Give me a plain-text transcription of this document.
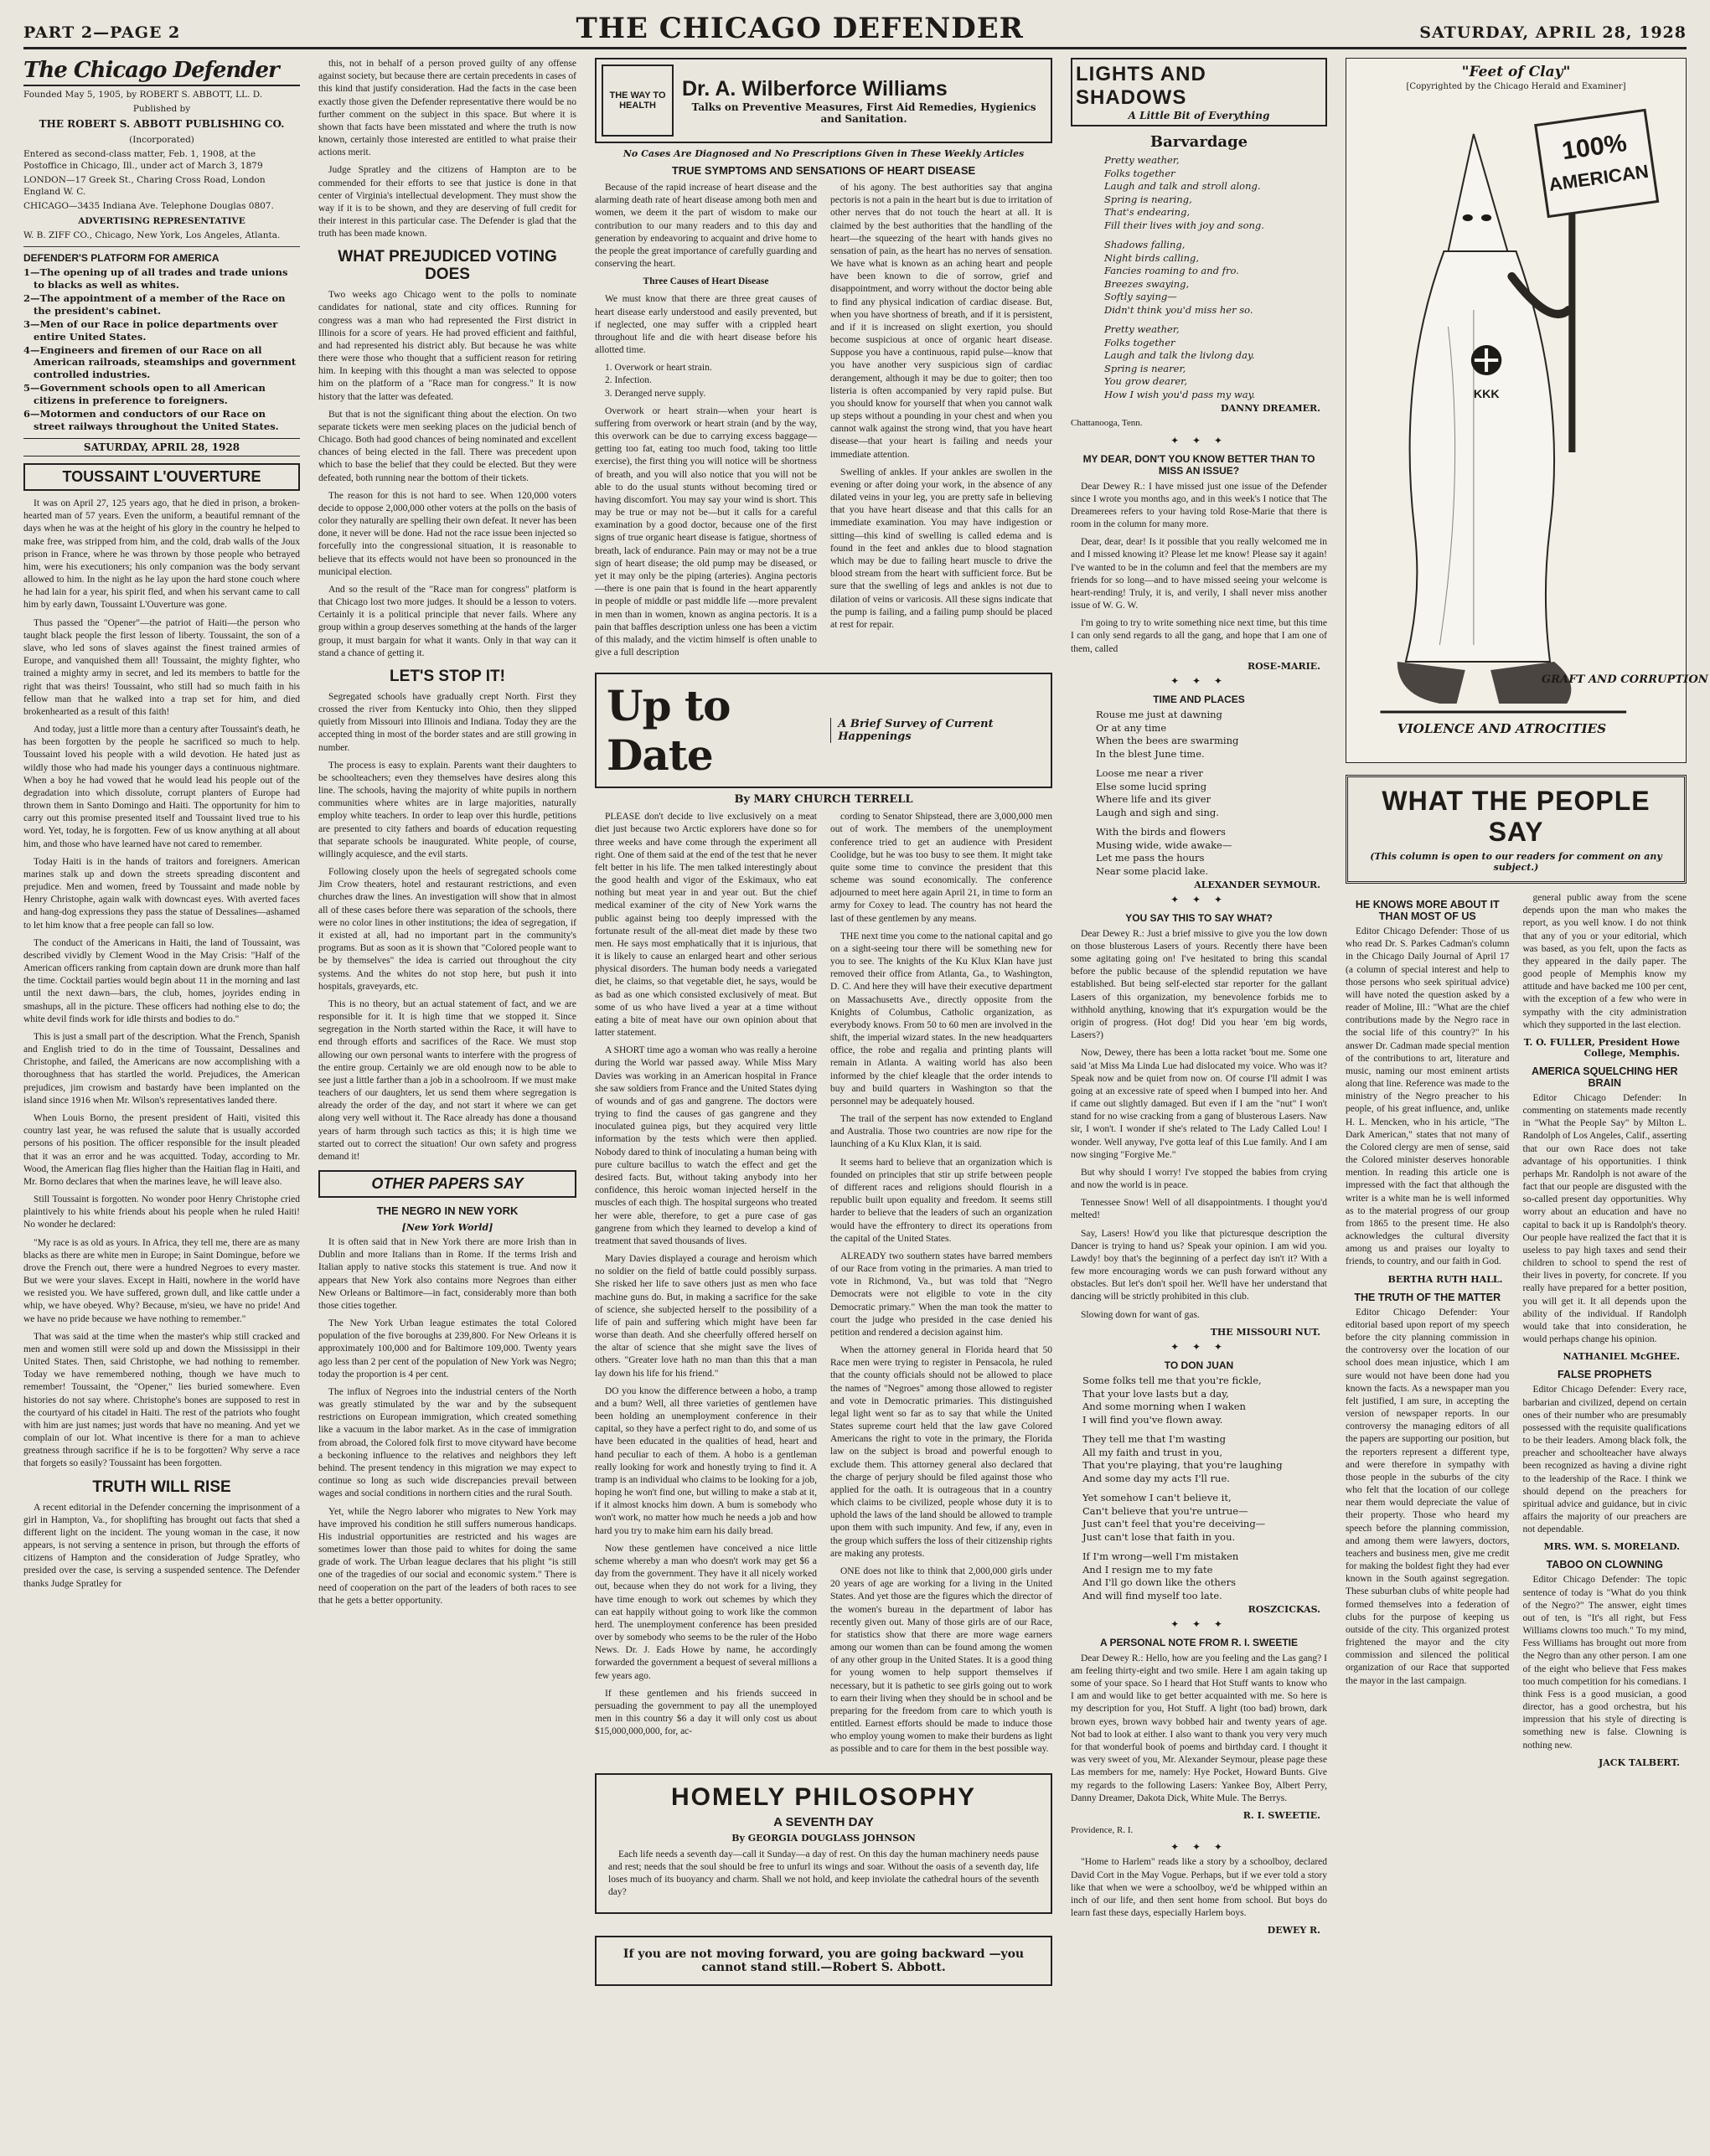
PART 2—PAGE 2	THE CHICAGO DEFENDER	SATURDAY, APRIL 28, 1928
The Chicago Defender
Founded May 5, 1905, by ROBERT S. ABBOTT, LL. D.
Published by
THE ROBERT S. ABBOTT PUBLISHING CO.
(Incorporated)
Entered as second-class matter, Feb. 1, 1908, at the Postoffice in Chicago, Ill., under act of March 3, 1879
LONDON—17 Greek St., Charing Cross Road, London England W. C.
CHICAGO—3435 Indiana Ave. Telephone Douglas 0807.
ADVERTISING REPRESENTATIVE
W. B. ZIFF CO., Chicago, New York, Los Angeles, Atlanta.
DEFENDER'S PLATFORM FOR AMERICA
1—The opening up of all trades and trade unions to blacks as well as whites.
2—The appointment of a member of the Race on the president's cabinet.
3—Men of our Race in police departments over entire United States.
4—Engineers and firemen of our Race on all American railroads, steamships and government controlled industries.
5—Government schools open to all American citizens in preference to foreigners.
6—Motormen and conductors of our Race on street railways throughout the United States.
SATURDAY, APRIL 28, 1928
TOUSSAINT L'OUVERTURE

It was on April 27, 125 years ago, that he died in prison, a broken-hearted man of 57 years. Even the uniform, a beautiful remnant of the days when he was at the height of his glory in the country he helped to make free, was stripped from him, and the cold, drab walls of the Joux prison in France, where he was thrown by those people who betrayed him, were his executioners; his only companion was the body servant allowed to him. In the night as he lay upon the hard stone couch where he had lain for a year, his spirit fled, and when his servant came to call him by early dawn, Toussaint L'Ouverture was gone.

Thus passed the "Opener"—the patriot of Haiti—the person who taught black people the first lesson of liberty. Toussaint, the son of a slave, who led sons of slaves against the finest trained armies of Europe, and vanquished them all! Toussaint, the mighty fighter, who trained a mighty army in secret, and led its members to battle for the right that was theirs! Toussaint, who still had so much faith in his fellow man that he walked into a trap set for him, and died brokenhearted as a result of this faith!

And today, just a little more than a century after Toussaint's death, he has been forgotten by the people he sacrificed so much to help. Toussaint loved his people with a wild devotion. He hated just as wildly those who had made his younger days a continuous nightmare. When a boy he had vowed that he would lead his people out of the degradation into which dissolute, corrupt planters of Europe had thrown them in Santo Domingo and Haiti. The opportunity for him to carry out this promise presented itself and Toussaint lived true to his word. Yet, today, he is forgotten. Few of us know anything at all about him, and those who have learned have not cared to remember.

Today Haiti is in the hands of traitors and foreigners. American marines stalk up and down the streets spreading discontent and prejudice. Men and women, freed by Toussaint and made noble by Henry Christophe, again walk with downcast eyes. With averted faces and hang-dog expressions they pass the statue of Dessalines—ashamed to let him know that a free people can fall so low.

The conduct of the Americans in Haiti, the land of Toussaint, was described vividly by Clement Wood in the May Crisis: "Half of the American officers ranking from captain down are drunk more than half the time. Cocktail parties would begin about 11 in the morning and last until the next dawn—bars, the club, homes, joyrides ending in smashups, all in the picture. These officers had nothing else to do; the white devil finds work for idle thirsts and bodies to do."

This is just a small part of the description. What the French, Spanish and English tried to do in the time of Toussaint, Dessalines and Christophe, and failed, the Americans are now accomplishing with a thoroughness that has startled the world. Prejudices, the American prejudices, jim crowism and bastardy have been implanted on the island since 1916 when Mr. Wilson's representatives landed there.

When Louis Borno, the present president of Haiti, visited this country last year, he was refused the salute that is usually accorded persons of his position. The officer responsible for the insult pleaded that it was an error and he was acquitted. Today, according to Mr. Wood, the American flag flies higher than the Haitian flag in Haiti, and Mr. Borno declares that when the marines leave, he will leave also.

Still Toussaint is forgotten. No wonder poor Henry Christophe cried plaintively to his white friends about his people when he ruled Haiti! No wonder he declared:

"My race is as old as yours. In Africa, they tell me, there are as many blacks as there are white men in Europe; in Saint Domingue, before we drove the French out, there were a hundred Negroes to every master. But we were your slaves. Except in Haiti, nowhere in the world have we resisted you. We have suffered, grown dull, and like cattle under a whip, we have obeyed. Why? Because, m'sieu, we have no pride! And we have no pride because we have nothing to remember."

That was said at the time when the master's whip still cracked and men and women still were sold up and down the Mississippi in their United States. Then, said Christophe, we had nothing to remember. Today we have remembered nothing, though we have much to remember! Toussaint, the "Opener," lies buried somewhere. Even histories do not say where. Christophe's bones are supposed to rest in the courtyard of his citadel in Haiti. The rest of the patriots who fought with him are just names; just words that have no meaning. And yet we complain of our lot. What incentive is there for a man to achieve greatness through sacrifice if he is to be forgotten? Why serve a race that forgets so easily? Toussaint has been forgotten.

TRUTH WILL RISE

A recent editorial in the Defender concerning the imprisonment of a girl in Hampton, Va., for shoplifting has brought out facts that shed a different light on the incident. The young woman in the case, it now appears, is not serving a sentence in prison, but through the efforts of citizens of Hampton and the consideration of Judge Spratley, who presided over the case, is serving a suspended sentence. The Defender thanks Judge Spratley for

this, not in behalf of a person proved guilty of any offense against society, but because there are certain precedents in cases of this kind that justify consideration. Had the facts in the case been exactly those given the Defender representative there would be no further comment on the subject in this space. But where it is shown that facts have been misstated and where the truth is now known, certainly those interested are entitled to what praise their actions merit.

Judge Spratley and the citizens of Hampton are to be commended for their efforts to see that justice is done in that center of Virginia's intellectual development. They must show the way if it is to be shown, and they are deserving of full credit for their interest in this particular case. The Defender is glad that the truth has been made known.

WHAT PREJUDICED VOTING DOES

Two weeks ago Chicago went to the polls to nominate candidates for national, state and city offices. Running for congress was a man who had represented the First district in Illinois for a score of years. He had proved efficient and faithful, and had represented his district ably. But because he was white there were those who thought that a sufficient reason for retiring him. In keeping with this thought a man was selected to oppose him on the platform of a "Race man for congress." It is now history that the latter was defeated.

But that is not the significant thing about the election. On two separate tickets were men seeking places on the judicial bench of Chicago. Both had good chances of being nominated and excellent chances of being elected in the fall. There was precedent upon which to base the belief that they could be elected. But they were defeated, both running near the bottom of their tickets.

The reason for this is not hard to see. When 120,000 voters decide to oppose 2,000,000 other voters at the polls on the basis of color they naturally are spelling their own defeat. It never has been done, it never will be done. Had not the race issue been injected so forcefully into the congressional situation, it is reasonable to believe that its effects would not have been so pronounced in the municipal election.

And so the result of the "Race man for congress" platform is that Chicago lost two more judges. It should be a lesson to voters. Certainly it is a political principle that never fails. Where any group within a group deserves something at the hands of the larger group, it must bargain for what it wants. Only in that way can it stand a chance of getting it.

LET'S STOP IT!

Segregated schools have gradually crept North. First they crossed the river from Kentucky into Ohio, then they slipped quietly from Missouri into Illinois and Indiana. Today they are the accepted thing in most of the border states and are still growing in number.

The process is easy to explain. Parents want their daughters to be schoolteachers; even they themselves have desires along this line. The schools, having the majority of white pupils in northern communities where whites are in large majorities, naturally employ white teachers. In order to leap over this hurdle, petitions are presented to city fathers and boards of education requesting that separate schools be inaugurated. White people, of course, willingly acquiesce, and the evil starts.

Following closely upon the heels of segregated schools come Jim Crow theaters, hotel and restaurant restrictions, and even churches draw the lines. An investigation will show that in almost all of these cases before there was separation of the schools, there were no color lines in other institutions; the idea of segregation, if it existed at all, had no important part in the community's programs. But as soon as it is shown that "Colored people want to be by themselves" the idea is carried out throughout the city systems. And the whites do not stop here, but push it into hospitals, graveyards, etc.

This is no theory, but an actual statement of fact, and we are responsible for it. It is high time that we stopped it. Since segregation in the North started within the Race, it will have to end through efforts and sacrifices of the Race. We must stop allowing our own personal wants to interfere with the progress of the entire group. Certainly we are old enough now to be able to see just a little farther than a job in a schoolroom. If we must make teachers of our daughters, let us send them where segregation is already the order of the day, and not start it where we can get along very well without it. The Race already has done a thousand years of harm through such tactics as this; it is high time we started out to correct the situation! Our own safety and progress demand it!

OTHER PAPERS SAY
THE NEGRO IN NEW YORK
[New York World]

It is often said that in New York there are more Irish than in Dublin and more Italians than in Rome. If the terms Irish and Italian apply to native stocks this statement is true. And now it appears that New York also contains more Negroes than either New Orleans or Baltimore—in fact, considerably more than both those cities together.

The New York Urban league estimates the total Colored population of the five boroughs at 239,800. For New Orleans it is approximately 100,000 and for Baltimore 109,000. Twenty years ago less than 2 per cent of the population of New York was Negro; today the proportion is 4 per cent.

The influx of Negroes into the industrial centers of the North was greatly stimulated by the war and by the subsequent restrictions on European immigration, which created something like a vacuum in the labor market. As in the case of immigration from abroad, the Colored folk first to move cityward have become a beckoning influence to the relatives and neighbors they left behind. The present tendency in this migration we may expect to continue so long as such wide discrepancies prevail between wages and social conditions in northern cities and the rural South.

Yet, while the Negro laborer who migrates to New York may have improved his condition he still suffers numerous handicaps. His industrial opportunities are restricted and his wages are sometimes lower than those paid to whites for doing the same grade of work. The Urban league declares that his plight "is still one of the tragedies of our social and economic system." There is need of cooperation on the part of the leaders of both races to see that he gets a better opportunity.

THE WAY TO HEALTH
Dr. A. Wilberforce Williams
Talks on Preventive Measures, First Aid Remedies, Hygienics and Sanitation.
No Cases Are Diagnosed and No Prescriptions Given in These Weekly Articles
TRUE SYMPTOMS AND SENSATIONS OF HEART DISEASE

Because of the rapid increase of heart disease and the alarming death rate of heart disease among both men and women, we deem it the part of wisdom to make our contribution to our many readers and to this day and generation by endeavoring to acquaint and drive home to the people the great importance of carefully guarding and conserving the heart.

Three Causes of Heart Disease

We must know that there are three great causes of heart disease early understood and easily prevented, but if neglected, one may suffer with a crippled heart throughout life and die with heart disease before his allotted time.

1. Overwork or heart strain.

2. Infection.

3. Deranged nerve supply.

Overwork or heart strain—when your heart is suffering from overwork or heart strain (and by the way, this overwork can be due to carrying excess baggage—getting too fat, eating too much food, taking too little exercise), the first thing you will notice will be shortness of breath, and you will also notice that you will not be able to do the usual stunts without becoming tired or having discomfort. You may say your wind is short. This may be true or may not be—but it calls for a careful examination by a good doctor, because one of the first signs of true organic heart disease is fatigue, shortness of breath, lack of endurance. Pain may or may not be a true sign of heart disease; the old pump may be diseased, or yet it may only be the piping (arteries). Angina pectoris—there is one pain that is found in the heart apparently in people of middle or past middle life —more prevalent in men than in women, known as angina pectoris. It is a pain that baffles description unless one has been a victim of this malady, and the victim himself is often unable to give a full description

of his agony. The best authorities say that angina pectoris is not a pain in the heart but is due to irritation of other nerves that do not touch the heart at all. It is claimed by the best authorities that the handling of the heart—the squeezing of the heart with hands gives no sensation of pain, as the heart has no nerves of sensation. We have what is known as an aching heart and people have been known to die of sorrow, grief and disappointment, and worry without the doctor being able to find any physical indication of cardiac disease. But, when you have shortness of breath, and if it is persistent, and if it is increased on slight exertion, you should become suspicious at once of organic heart disease. Suppose you have a continuous, rapid pulse—know that you have another very suspicious sign of cardiac derangement, although it may be due to goiter; then too listeria is often accompanied by very rapid pulse. But you should know for yourself that when you cannot walk up steps without a pounding in your chest and when you cannot walk against the strong wind, that you have heart disease—that your heart is failing and needs your immediate attention.

Swelling of ankles. If your ankles are swollen in the evening or after doing your work, in the absence of any dilated veins in your leg, you are pretty safe in believing that you have heart disease and that this calls for an immediate examination. You may have indigestion or sitting—this kind of swelling is called edema and is found in the feet and ankles due to blood stagnation which may be due to failing heart muscle to drive the blood stream from the heart with sufficient force. But be sure that the swelling of legs and ankles is not due to dilation of veins or varicosis. All these signs indicate that the pump is failing, and a failing pump should be placed at rest for repair.

Up to Date
A Brief Survey of Current Happenings
By MARY CHURCH TERRELL

PLEASE don't decide to live exclusively on a meat diet just because two Arctic explorers have done so for three weeks and have come through the experiment all right. One of them said at the end of the test that he never felt better in his life. The men talked interestingly about the good health and vigor of the Eskimaux, who eat nothing but meat year in and year out. But the chief medical examiner of the city of New York warns the public against being too deeply impressed with the fortunate result of the all-meat diet made by these two men. He says most emphatically that it is injurious, that it is likely to cause an enlarged heart and other serious physical disorders. The human body needs a variegated diet, he claims, so that vegetable diet, he says, would be as bad as one which consisted exclusively of meat. But some of us who have lived a year at a time without eating a bite of meat have our own opinion about that latter statement.

A SHORT time ago a woman who was really a heroine during the World war passed away. While Miss Mary Davies was working in an American hospital in France she saw soldiers from France and the United States dying of wounds and of gas and gangrene. The doctors were trying to find the causes of gas gangrene and they inoculated guinea pigs, but they acquired very little information by the tests which were then applied. Nobody dared to think of inoculating a human being with pure culture bacillus to watch the effect and get the desired facts. But, without taking anybody into her confidence, this heroic woman injected herself in the muscles of each thigh. The hospital surgeons who treated her were able, therefore, to get a pure case of gas gangrene from which they learned to develop a kind of treatment that saved thousands of lives.

Mary Davies displayed a courage and heroism which no soldier on the field of battle could possibly surpass. She risked her life to save others just as men who face machine guns do. But, in making a sacrifice for the sake of science, she subjected herself to the possibility of a life of pain and suffering which might have been far worse than death. And she cheerfully offered herself on the altar of science that she might save the lives of others. "Greater love hath no man than this that a man lay down his life for his friend."

DO you know the difference between a hobo, a tramp and a bum? Well, all three varieties of gentlemen have been holding an unemployment conference in their capital, so they have a perfect right to do, and some of us have been educated in the qualities of head, heart and hand peculiar to each of them. A hobo is a gentleman really looking for work and honestly trying to find it. A tramp is an individual who claims to be looking for a job, hoping he won't find one, but willing to make a stab at it, if it almost knocks him down. A bum is somebody who won't work, no matter how much he needs a job and how hard you try to make him earn his daily bread.

Now these gentlemen have conceived a nice little scheme whereby a man who doesn't work may get $6 a day from the government. They have it all nicely worked out, because when they do not work for a living, they have time enough to work out schemes by which they can eat happily without going to work like the common herd. The unemployment conference has been presided over by somebody who seems to be the ruler of the Hobo News. Dr. J. Eads Howe by name, he accordingly forwarded the government a bequest of several millions a few years ago.

If these gentlemen and his friends succeed in persuading the government to pay all the unemployed men in this country $6 a day it will only cost us about $15,000,000,000, for, ac-

cording to Senator Shipstead, there are 3,000,000 men out of work. The members of the unemployment conference tried to get an audience with President Coolidge, but he was too busy to see them. It might take quite some time to convince the president that this scheme was sound economically. The conference adjourned to meet here again April 21, in time to form an army for Coxey to lead. The country has not heard the last of these gentlemen by any means.

THE next time you come to the national capital and go on a sight-seeing tour there will be something new for you to see. The knights of the Ku Klux Klan have just removed their office from Atlanta, Ga., to Washington, D. C. And here they will have their executive department on Massachusetts Ave., directly opposite from the Knights of Columbus, Catholic organization, as everybody knows. From 50 to 60 men are involved in the shift, the imperial wizard states. In the new headquarters office, the robe and regalia and printing plants will remain in Atlanta. A waiting world has also been informed by the chief kleagle that the order intends to buy and build quarters in Washington so that the personnel may be adequately housed.

The trail of the serpent has now extended to England and Australia. Those two countries are now ripe for the launching of a Ku Klux Klan, it is said.

It seems hard to believe that an organization which is founded on principles that stir up strife between people of different races and religions should flourish in a republic built upon equality and freedom. It seems still harder to believe that the leaders of such an organization would have the effrontery to direct its operations from the capital of the United States.

ALREADY two southern states have barred members of our Race from voting in the primaries. A man tried to vote in Richmond, Va., but was told that "Negro Democrats were not eligible to vote in the city Democratic primary." When the man took the matter to court the judge who presided in the case denied his petition and rendered a decision against him.

When the attorney general in Florida heard that 50 Race men were trying to register in Pensacola, he ruled that the county officials should not be allowed to place the names of "Negroes" among those allowed to register and vote in Democratic primaries. This distinguished legal light went so far as to say that while the United States supreme court held that the law gave Colored Americans the right to vote in the primary, the Florida law on the subject is broad and powerful enough to exclude them. This attorney general also declared that the charge of perjury should be filed against those who applied for the oath. It is outrageous that in a country which claims to be civilized, people whose duty it is to uphold the laws of the land should be allowed to trample upon them with such impunity. And few, if any, even in the group which suffers the loss of their citizenship rights are making any protests.

ONE does not like to think that 2,000,000 girls under 20 years of age are working for a living in the United States. And yet those are the figures which the director of the women's bureau in the department of labor has recently given out. Many of those girls are of our Race, for statistics show that there are more wage earners among our women than can be found among the women of any other group in the United States. It is a good thing for young women to help support themselves if necessary, but it is pathetic to see girls going out to work to earn their living when they should be in school and be preparing for the freedom from care to which youth is entitled. Earnest efforts should be made to induce those who employ young women to make their burdens as light as possible and to care for them in the best possible way.

HOMELY PHILOSOPHY
A SEVENTH DAY
By GEORGIA DOUGLASS JOHNSON

Each life needs a seventh day—call it Sunday—a day of rest. On this day the human machinery needs pause and rest; needs that the soul should be free to unfurl its wings and soar. Without the oasis of a seventh day, life loses much of its buoyancy and charm. Shall we not hold, and keep inviolate the cathedral hours of the seventh day?

If you are not moving forward, you are going backward —you cannot stand still.—Robert S. Abbott.
LIGHTS AND SHADOWS
A Little Bit of Everything
Barvardage
Pretty weather,
Folks together
Laugh and talk and stroll along.
Spring is nearing,
That's endearing,
Fill their lives with joy and song.
Shadows falling,
Night birds calling,
Fancies roaming to and fro.
Breezes swaying,
Softly saying—
Didn't think you'd miss her so.
Pretty weather,
Folks together
Laugh and talk the livlong day.
Spring is nearer,
You grow dearer,
How I wish you'd pass my way.
DANNY DREAMER.
Chattanooga, Tenn.
✦ ✦ ✦
MY DEAR, DON'T YOU KNOW BETTER THAN TO MISS AN ISSUE?

Dear Dewey R.: I have missed just one issue of the Defender since I wrote you months ago, and in this week's I notice that The Dreamerees refers to your having told Rose-Marie that there is room in the column for many more.

Dear, dear, dear! Is it possible that you really welcomed me in and I missed knowing it? Please let me know! Please say it again! I've wanted to be in the column and feel that the members are my friends for so long—and to have missed seeing your welcome is heart-rending! Truly, it is, and verily, I shall never miss another issue of W. G. W.

I'm going to try to write something nice next time, but this time I can only send regards to all the gang, and hope that I am one of them, called

ROSE-MARIE.
✦ ✦ ✦
TIME AND PLACES
Rouse me just at dawning
Or at any time
When the bees are swarming
In the blest June time.
Loose me near a river
Else some lucid spring
Where life and its giver
Laugh and sigh and sing.
With the birds and flowers
Musing wide, wide awake—
Let me pass the hours
Near some placid lake.
ALEXANDER SEYMOUR.
✦ ✦ ✦
YOU SAY THIS TO SAY WHAT?

Dear Dewey R.: Just a brief missive to give you the low down on those blusterous Lasers of yours. Recently there have been some agitating going on! I've hesitated to bring this scandal before the public because of the splendid reputation we have established. But being self-elected star reporter for the gallant Lasers of this organization, my benevolence forbids me to withhold anything, knowing that it's expurgation would be the origin of progress. (Hot dog! Did you hear 'em big words, Lasers?)

Now, Dewey, there has been a lotta racket 'bout me. Some one said 'at Miss Ma Linda Lue had dislocated my voice. Who was it? Speak now and be quiet from now on. Of course I'll admit I was going at an excessive rate of speed when I bumped into her. And if came out slightly damaged. But even if I am the "nut" I won't stand for no wise cracking from a gang of blusterous Lasers. Naw sir, I won't. I wonder if she's related to The Lady Called Lou! I wonder. Well anyway, I've gotta leaf of this Lue family. And I am now singing "Forgive Me."

But why should I worry! I've stopped the babies from crying and now the world is in peace.

Tennessee Snow! Well of all disappointments. I thought you'd melted!

Say, Lasers! How'd you like that picturesque description the Dancer is trying to hand us? Speak your opinion. I am wid you. Lawdy! boy that's the beginning of a perfect day isn't it? With a few more encouraging words we can push forward without any obstacles. But let's don't spoil her. We'll have her understand that dancing will be strictly prohibited in this club.

Slowing down for want of gas.

THE MISSOURI NUT.
✦ ✦ ✦
TO DON JUAN
Some folks tell me that you're fickle,
That your love lasts but a day,
And some morning when I waken
I will find you've flown away.
They tell me that I'm wasting
All my faith and trust in you,
That you're playing, that you're laughing
And some day my acts I'll rue.
Yet somehow I can't believe it,
Can't believe that you're untrue—
Just can't feel that you're deceiving—
Just can't lose that faith in you.
If I'm wrong—well I'm mistaken
And I resign me to my fate
And I'll go down like the others
And will find myself too late.
ROSZCICKAS.
✦ ✦ ✦
A PERSONAL NOTE FROM R. I. SWEETIE

Dear Dewey R.: Hello, how are you feeling and the Las gang? I am feeling thirty-eight and two smile. Here I am again taking up some of your space. So I heard that Hot Stuff wants to know who I am and would like to get better acquainted with me. So here is my description for you, Hot Stuff. A light (too bad) brown, dark brown eyes, brown wavy bobbed hair and twenty years of age. Not bad to look at either. I also want to thank you very very much for that wonderful book of poems and birthday card. I thought it was very sweet of you, Mr. Alexander Seymour, please page these Las members for me, namely: Hye Pocket, Howard Bunts. Give my regards to the following Lasers: Yankee Boy, Albert Perry, Danny Dreamer, Dakota Dick, White Mule. The Berrys.

R. I. SWEETIE.
Providence, R. I.
✦ ✦ ✦

"Home to Harlem" reads like a story by a schoolboy, declared David Cort in the May Vogue. Perhaps, but if we ever told a story like that when we were a schoolboy, we'd be whipped within an inch of our life, and then sent home from school. But boys do learn fast these days, especially Harlem boys.

DEWEY R.
"Feet of Clay"
[Copyrighted by the Chicago Herald and Examiner]
100%
AMERICAN
KKK
VIOLENCE AND ATROCITIES
GRAFT AND CORRUPTION
WHAT THE PEOPLE SAY
(This column is open to our readers for comment on any subject.)
HE KNOWS MORE ABOUT IT THAN MOST OF US

Editor Chicago Defender: Those of us who read Dr. S. Parkes Cadman's column in the Chicago Daily Journal of April 17 (a column of special interest and help to those persons who seek spiritual advice) will have noted the question asked by a reader of Moline, Ill.: "What are the chief contributions made by the Negro race in the social life of this country?" In his answer Dr. Cadman made special mention of the contributions to art, literature and music, naming our most eminent artists along that line. Reference was made to the ministry of the Negro preacher to his people, of his great influence, and, unlike H. L. Mencken, who in his article, "The Dark American," states that not many of the Colored clergy are men of sense, said the Colored minister deserves honorable mention. In reading this article one is impressed with the fact that although the writer is a white man he is well informed as to the material progress of our group from 1865 to the present time. He also acknowledges the cultural diversity among us and praises our loyalty to friends, to country, and our faith in God.

BERTHA RUTH HALL.
THE TRUTH OF THE MATTER

Editor Chicago Defender: Your editorial based upon report of my speech before the city planning commission in the controversy over the location of our school does mean injustice, which I am sure would not have been done had you known the facts. As a newspaper man you felt justified, I am sure, in accepting the version of newspaper reports. In our controversy the managing editors of all the papers are supporting our position, but the reporters represent a different type, and were therefore in sympathy with those people in the suburbs of the city who felt that the location of our college near them would depreciate the value of their property. Those who heard my speech before the planning commission, and among them were lawyers, doctors, teachers and business men, give me credit for making the boldest fight they had ever known in the South against segregation. These suburban clubs of white people had formed themselves into a federation of clubs for the purpose of keeping us outside of the city. This organized protest frightened the mayor and the city commission and silenced the political organization of our Race that supported the mayor in the last campaign.

general public away from the scene depends upon the man who makes the report, as you well know. I do not think that any of you or your editorial, which was based, as you felt, upon the facts as they appeared in the daily paper. The good people of Memphis know my attitude and have backed me 100 per cent, with the exception of a few who were in sympathy with the city administration which they supported in the last election.

T. O. FULLER, President Howe College, Memphis.
AMERICA SQUELCHING HER BRAIN

Editor Chicago Defender: In commenting on statements made recently in "What the People Say" by Milton L. Randolph of Los Angeles, Calif., asserting that our own Race does not take advantage of his opportunities. I think perhaps Mr. Randolph is not aware of the fact that our people are disgusted with the so-called present day opportunities. Why worry about an education and have no capital to back it up is Randolph's theory. Our people have realized the fact that it is useless to pay high taxes and send their children to school to spend the rest of their lives in poverty, for concrete. If you really have prepared for a better position, you will get it. It all depends upon the ability of the individual. If Randolph would take that into consideration, he would perhaps change his opinion.

NATHANIEL McGHEE.
FALSE PROPHETS

Editor Chicago Defender: Every race, barbarian and civilized, depend on certain ones of their number who are presumably possessed with the requisite qualifications to be their leaders. Among black folk, the preacher and schoolteacher have always been recognized as having a divine right to the leadership of the Race. I think we should depend on the preachers for spiritual advice and guidance, but in civic affairs the majority of our preachers are not dependable.

MRS. WM. S. MORELAND.
TABOO ON CLOWNING

Editor Chicago Defender: The topic sentence of today is "What do you think of the Negro?" The answer, eight times out of ten, is "It's all right, but Fess Williams clowns too much." To my mind, Fess Williams has brought out more from the Negro than any other person. I am one of the eight who believe that Fess makes too much competition for his comedians. I think Fess is a good musician, a good director, has a good orchestra, but his impression that his style of directing is something new is false. Clowning is nothing new.

JACK TALBERT.
